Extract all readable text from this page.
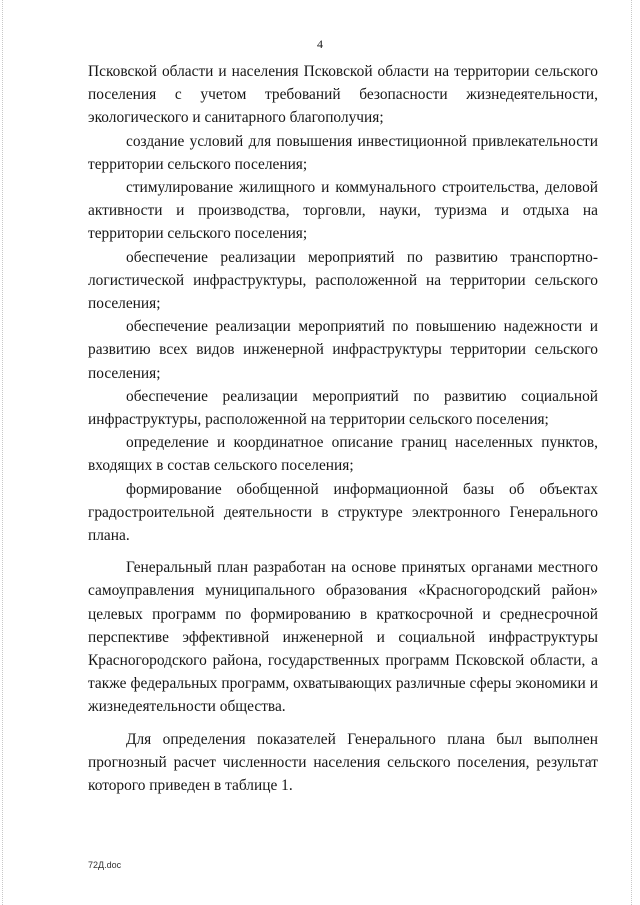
4

Псковской области и населения Псковской области на территории сельского поселения с учетом требований безопасности жизнедеятельности, экологического и санитарного благополучия;

создание условий для повышения инвестиционной привлекательности территории сельского поселения;

стимулирование жилищного и коммунального строительства, деловой активности и производства, торговли, науки, туризма и отдыха на территории сельского поселения;

обеспечение реализации мероприятий по развитию транспортно-логистической инфраструктуры, расположенной на территории сельского поселения;

обеспечение реализации мероприятий по повышению надежности и развитию всех видов инженерной инфраструктуры территории сельского поселения;

обеспечение реализации мероприятий по развитию социальной инфраструктуры, расположенной на территории сельского поселения;

определение и координатное описание границ населенных пунктов, входящих в состав сельского поселения;

формирование обобщенной информационной базы об объектах градостроительной деятельности в структуре электронного Генерального плана.

Генеральный план разработан на основе принятых органами местного самоуправления муниципального образования «Красногородский район» целевых программ по формированию в краткосрочной и среднесрочной перспективе эффективной инженерной и социальной инфраструктуры Красногородского района, государственных программ Псковской области, а также федеральных программ, охватывающих различные сферы экономики и жизнедеятельности общества.

Для определения показателей Генерального плана был выполнен прогнозный расчет численности населения сельского поселения, результат которого приведен в таблице 1.

72Д.doc
